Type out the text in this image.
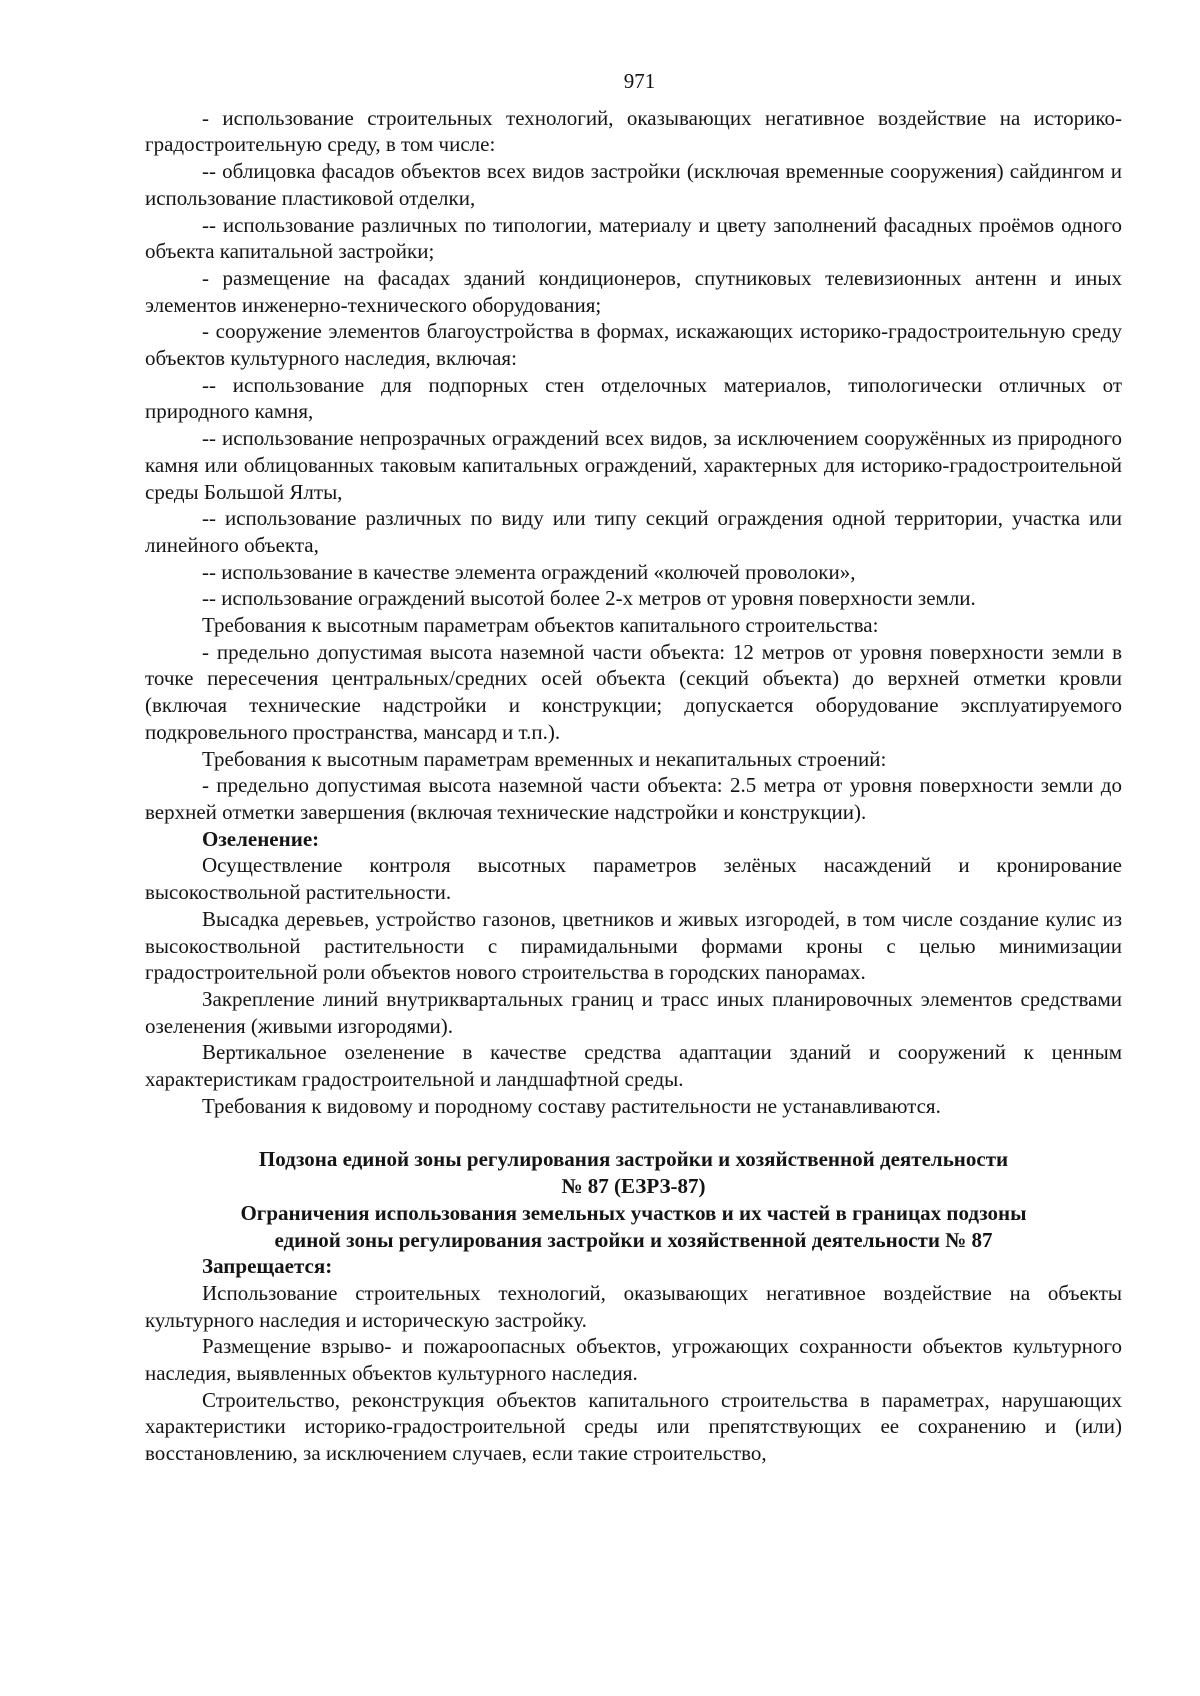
971

- использование строительных технологий, оказывающих негативное воздействие на историко-градостроительную среду, в том числе:

-- облицовка фасадов объектов всех видов застройки (исключая временные сооружения) сайдингом и использование пластиковой отделки,

-- использование различных по типологии, материалу и цвету заполнений фасадных проёмов одного объекта капитальной застройки;

- размещение на фасадах зданий кондиционеров, спутниковых телевизионных антенн и иных элементов инженерно-технического оборудования;

- сооружение элементов благоустройства в формах, искажающих историко-градостроительную среду объектов культурного наследия, включая:

-- использование для подпорных стен отделочных материалов, типологически отличных от природного камня,

-- использование непрозрачных ограждений всех видов, за исключением сооружённых из природного камня или облицованных таковым капитальных ограждений, характерных для историко-градостроительной среды Большой Ялты,

-- использование различных по виду или типу секций ограждения одной территории, участка или линейного объекта,

-- использование в качестве элемента ограждений «колючей проволоки»,

-- использование ограждений высотой более 2-х метров от уровня поверхности земли.

Требования к высотным параметрам объектов капитального строительства:

- предельно допустимая высота наземной части объекта: 12 метров от уровня поверхности земли в точке пересечения центральных/средних осей объекта (секций объекта) до верхней отметки кровли (включая технические надстройки и конструкции; допускается оборудование эксплуатируемого подкровельного пространства, мансард и т.п.).

Требования к высотным параметрам временных и некапитальных строений:

- предельно допустимая высота наземной части объекта: 2.5 метра от уровня поверхности земли до верхней отметки завершения (включая технические надстройки и конструкции).

Озеленение:

Осуществление контроля высотных параметров зелёных насаждений и кронирование высокоствольной растительности.

Высадка деревьев, устройство газонов, цветников и живых изгородей, в том числе создание кулис из высокоствольной растительности с пирамидальными формами кроны с целью минимизации градостроительной роли объектов нового строительства в городских панорамах.

Закрепление линий внутриквартальных границ и трасс иных планировочных элементов средствами озеленения (живыми изгородями).

Вертикальное озеленение в качестве средства адаптации зданий и сооружений к ценным характеристикам градостроительной и ландшафтной среды.

Требования к видовому и породному составу растительности не устанавливаются.

Подзона единой зоны регулирования застройки и хозяйственной деятельности
№ 87 (ЕЗРЗ-87)
Ограничения использования земельных участков и их частей в границах подзоны
единой зоны регулирования застройки и хозяйственной деятельности № 87

Запрещается:

Использование строительных технологий, оказывающих негативное воздействие на объекты культурного наследия и историческую застройку.

Размещение взрыво- и пожароопасных объектов, угрожающих сохранности объектов культурного наследия, выявленных объектов культурного наследия.

Строительство, реконструкция объектов капитального строительства в параметрах, нарушающих характеристики историко-градостроительной среды или препятствующих ее сохранению и (или) восстановлению, за исключением случаев, если такие строительство,
